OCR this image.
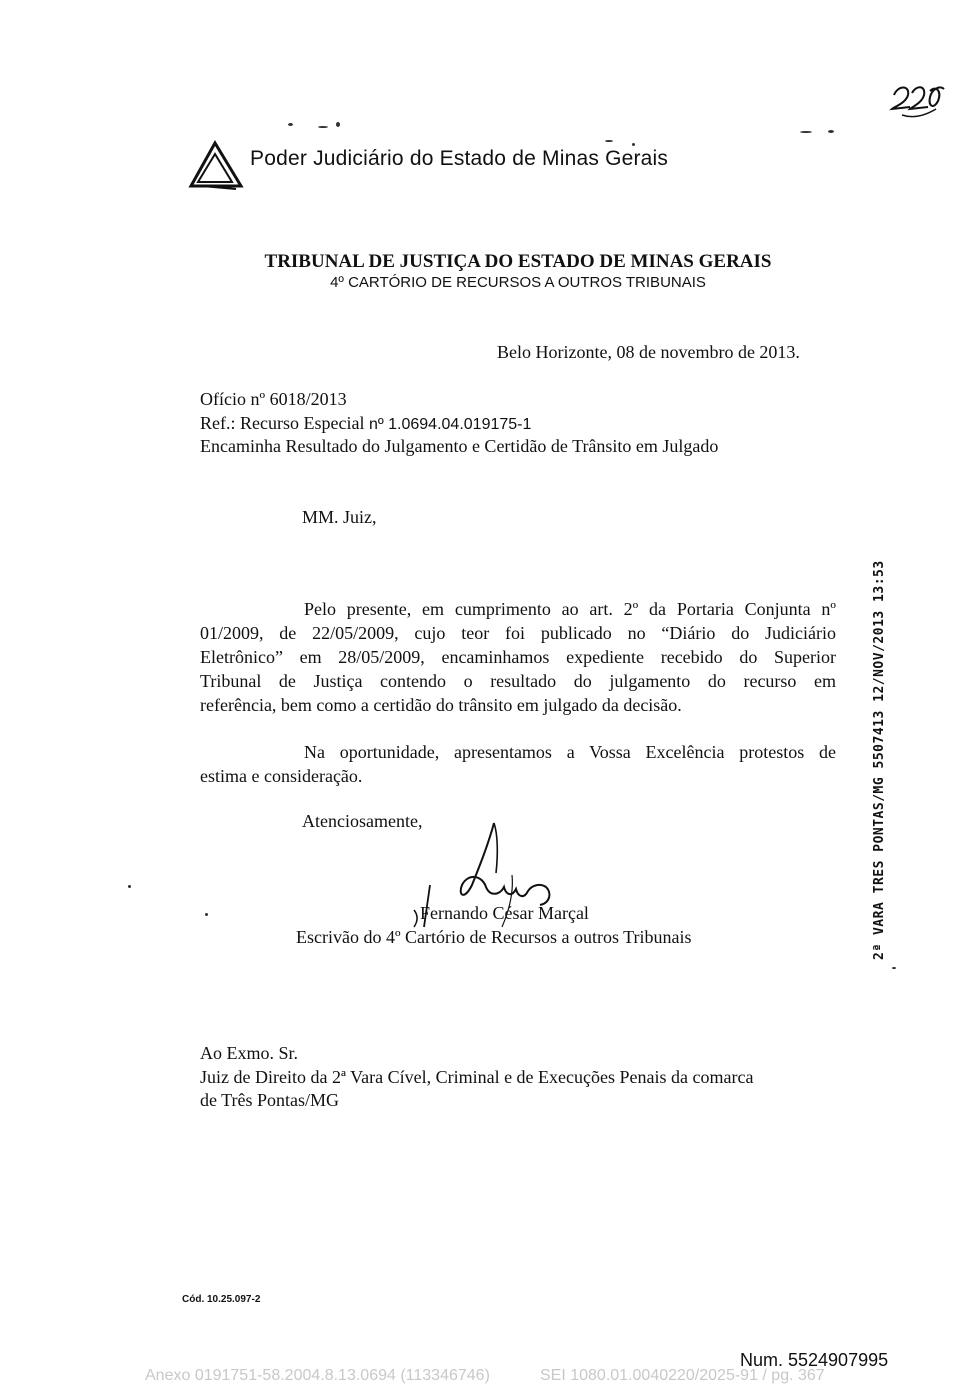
Poder Judiciário do Estado de Minas Gerais
TRIBUNAL DE JUSTIÇA DO ESTADO DE MINAS GERAIS
4º CARTÓRIO DE RECURSOS A OUTROS TRIBUNAIS
Belo Horizonte, 08 de novembro de 2013.
Ofício nº 6018/2013
Ref.: Recurso Especial nº 1.0694.04.019175-1
Encaminha Resultado do Julgamento e Certidão de Trânsito em Julgado
MM. Juiz,
Pelo presente, em cumprimento ao art. 2º da Portaria Conjunta nº
01/2009, de 22/05/2009, cujo teor foi publicado no “Diário do Judiciário
Eletrônico” em 28/05/2009, encaminhamos expediente recebido do Superior
Tribunal de Justiça contendo o resultado do julgamento do recurso em
referência, bem como a certidão do trânsito em julgado da decisão.
Na oportunidade, apresentamos a Vossa Excelência protestos de
estima e consideração.
Atenciosamente,
Fernando César Marçal
Escrivão do 4º Cartório de Recursos a outros Tribunais
Ao Exmo. Sr.
Juiz de Direito da 2ª Vara Cível, Criminal e de Execuções Penais da comarca
de Três Pontas/MG
Cód. 10.25.097-2
2ª VARA TRES PONTAS/MG 5507413 12/NOV/2013 13:53
Num. 5524907995
Anexo 0191751-58.2004.8.13.0694 (113346746)	SEI 1080.01.0040220/2025-91 / pg. 367
